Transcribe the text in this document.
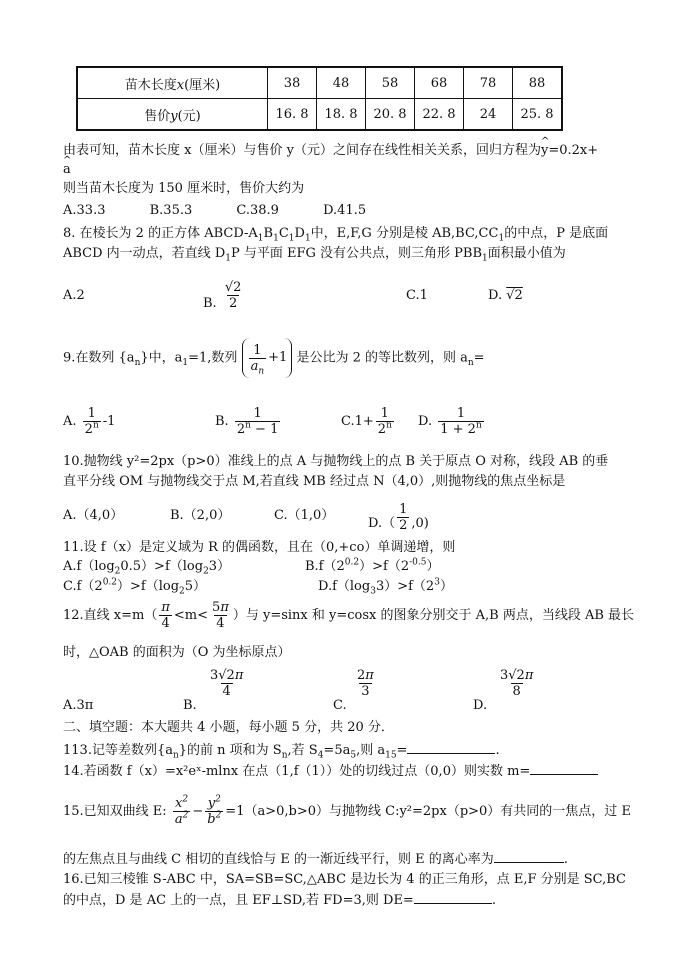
苗木长度x(厘米)	38	48	58	68	78	88
售价y(元)	16. 8	18. 8	20. 8	22. 8	24	25. 8
由表可知，苗木长度 x（厘米）与售价 y（元）之间存在线性相关关系，回归方程为^ y=0.2x+
^ a
则当苗木长度为 150 厘米时，售价大约为
A.33.3	B.35.3	C.38.9	D.41.5
8. 在棱长为 2 的正方体 ABCD-$A_1B_1C_1D_1$中，E,F,G 分别是棱 $AB,BC,CC_1$的中点，P 是底面
ABCD 内一动点，若直线 $D_1P$ 与平面 EFG 没有公共点，则三角形 $PBB_1$面积最小值为
A.2
B. $\frac{√2}{2}$	C.1	D. √2
9.在数列 $\{a_n\}$中，$a_1=1$,数列 $\frac{1}{a_n} +1$ 是公比为 2 的等比数列，则 $a_n=$
A. $\frac{1}{2^n} -1$	B. $\frac{1}{2^n - 1}$	$C.1+ \frac{1}{2^n} D$. $\frac{1}{1 + 2^n}$
10.抛物线 y²=2px（p>0）准线上的点 A 与抛物线上的点 B 关于原点 O 对称，线段 AB 的垂
直平分线 OM 与抛物线交于点 M,若直线 MB 经过点 N（4,0）,则抛物线的焦点坐标是
A.（4,0）	B.（2,0）	C.（1,0）
$D.( \frac{1}{2} ,0)$
11.设 f（x）是定义域为 R 的偶函数，且在（0,+co）单调递增，则
$A.f(\log_20.5)>f(\log_23)$	$B.f(2^{0.2})>f(2^{-0.5})$
$C.f(2^{0.2})>f(\log_25)$	$D.f(\log_33)>f(2^3)$
12.直线 $x=m( \frac{\pi}{4} <m< \frac{5\pi}{4}$ ）与 y=sinx 和 y=cosx 的图象分别交于 A,B 两点，当线段 AB 最长
时，△OAB 的面积为（O 为坐标原点）
A.3π	B.
$\frac{3√2\pi}{4}$
C.
$\frac{2\pi}{3}$
D.
$\frac{3√2\pi}{8}$
二、填空题：本大题共 4 小题，每小题 5 分，共 20 分．
113.记等差数列$\{a_n\}$的前 n 项和为 $S_n$,若 $S_4=5a_5$,则 $a_{15}=$	.
14.若函数 f（x）=x²eˣ-mlnx 在点（1,f（1））处的切线过点（0,0）则实数 m=
15.已知双曲线 E: $\frac{x^2}{a^2} - \frac{y^2}{b^2} =1(a>0,b>0)$与抛物线 C:y²=2px（p>0）有共同的一焦点，过 E
的左焦点且与曲线 C 相切的直线恰与 E 的一渐近线平行，则 E 的离心率为	.
16.已知三棱锥 S-ABC 中，SA=SB=SC,△ABC 是边长为 4 的正三角形，点 E,F 分别是 SC,BC
的中点，D 是 AC 上的一点，且 EF⊥SD,若 FD=3,则 DE=	.
